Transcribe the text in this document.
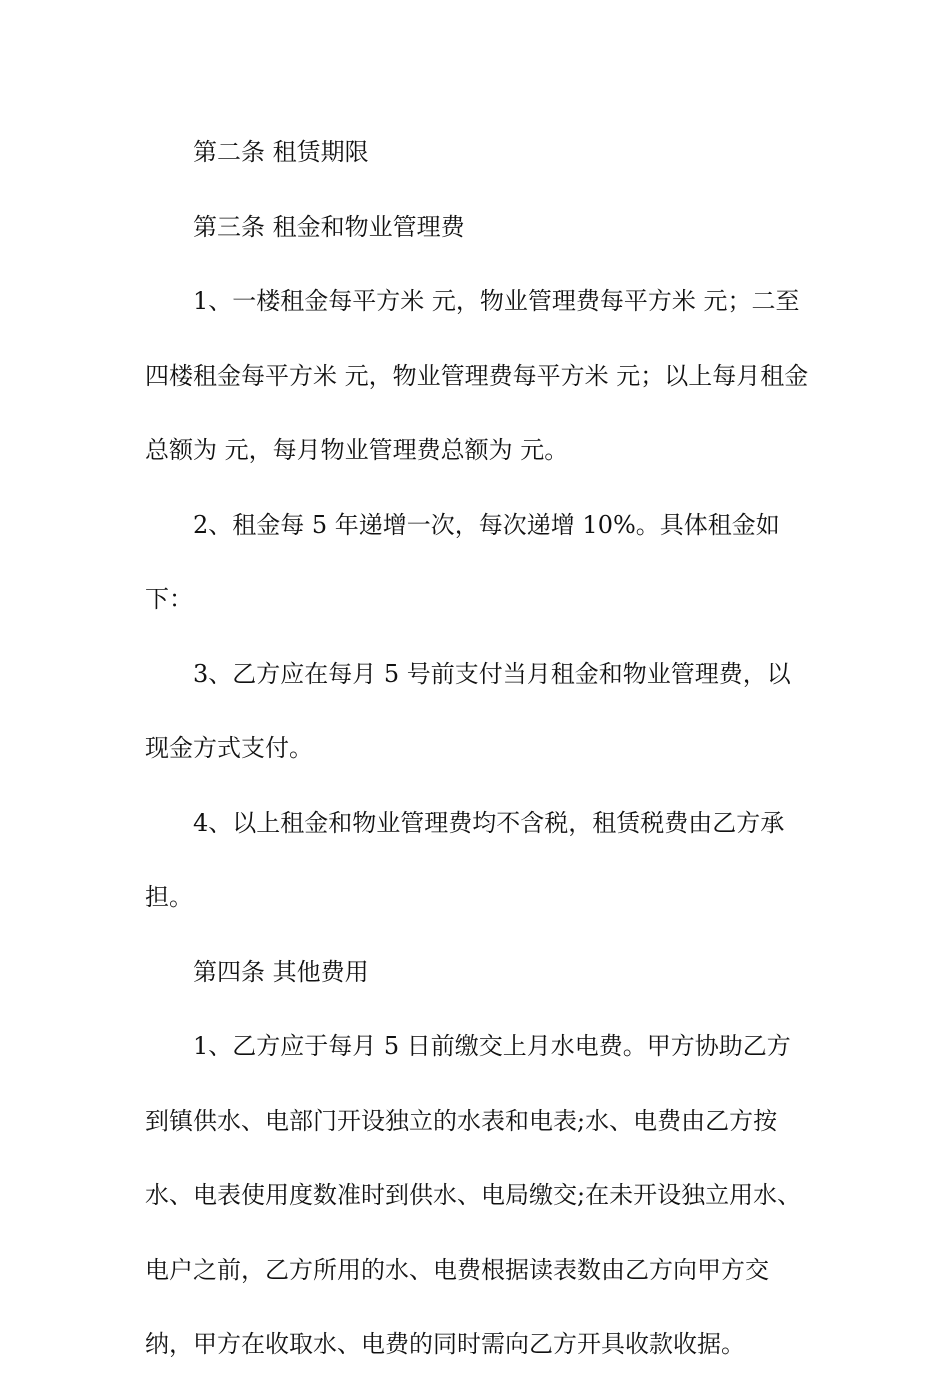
第二条 租赁期限

第三条 租金和物业管理费

1、一楼租金每平方米 元，物业管理费每平方米 元；二至四楼租金每平方米 元，物业管理费每平方米 元；以上每月租金总额为 元，每月物业管理费总额为 元。

2、租金每 5 年递增一次，每次递增 10%。具体租金如下：

3、乙方应在每月 5 号前支付当月租金和物业管理费，以现金方式支付。

4、以上租金和物业管理费均不含税，租赁税费由乙方承担。

第四条 其他费用

1、乙方应于每月 5 日前缴交上月水电费。甲方协助乙方到镇供水、电部门开设独立的水表和电表;水、电费由乙方按水、电表使用度数准时到供水、电局缴交;在未开设独立用水、电户之前，乙方所用的水、电费根据读表数由乙方向甲方交纳，甲方在收取水、电费的同时需向乙方开具收款收据。
